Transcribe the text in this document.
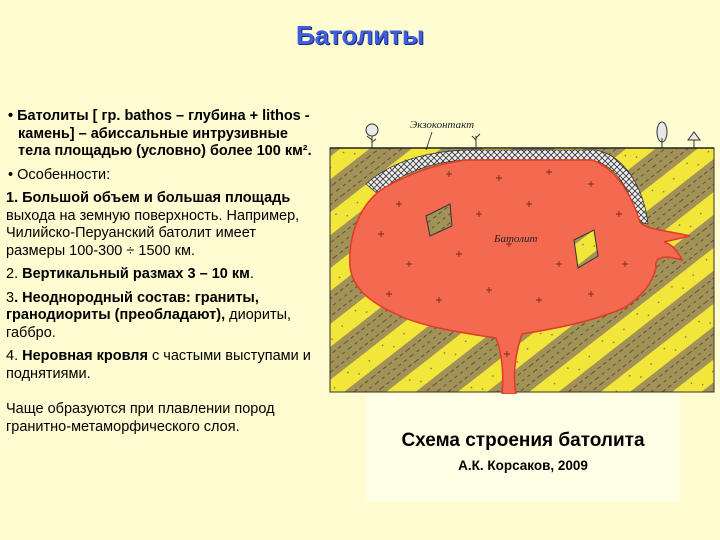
Батолиты

• Батолиты [ гр. bathos – глубина + lithos - камень] – абиссальные интрузивные тела площадью (условно) более 100 км².

• Особенности:

1. Большой объем и большая площадь выхода на земную поверхность. Например, Чилийско-Перуанский батолит имеет размеры 100-300 ÷ 1500 км.

2. Вертикальный размах 3 – 10 км.

3. Неоднородный состав: граниты, гранодиориты (преобладают), диориты, габбро.

4. Неровная кровля с частыми выступами и поднятиями.

Чаще образуются при плавлении пород гранитно-метаморфического слоя.

Экзоконтакт
Батолит
Схема строения батолита
А.К. Корсаков, 2009
